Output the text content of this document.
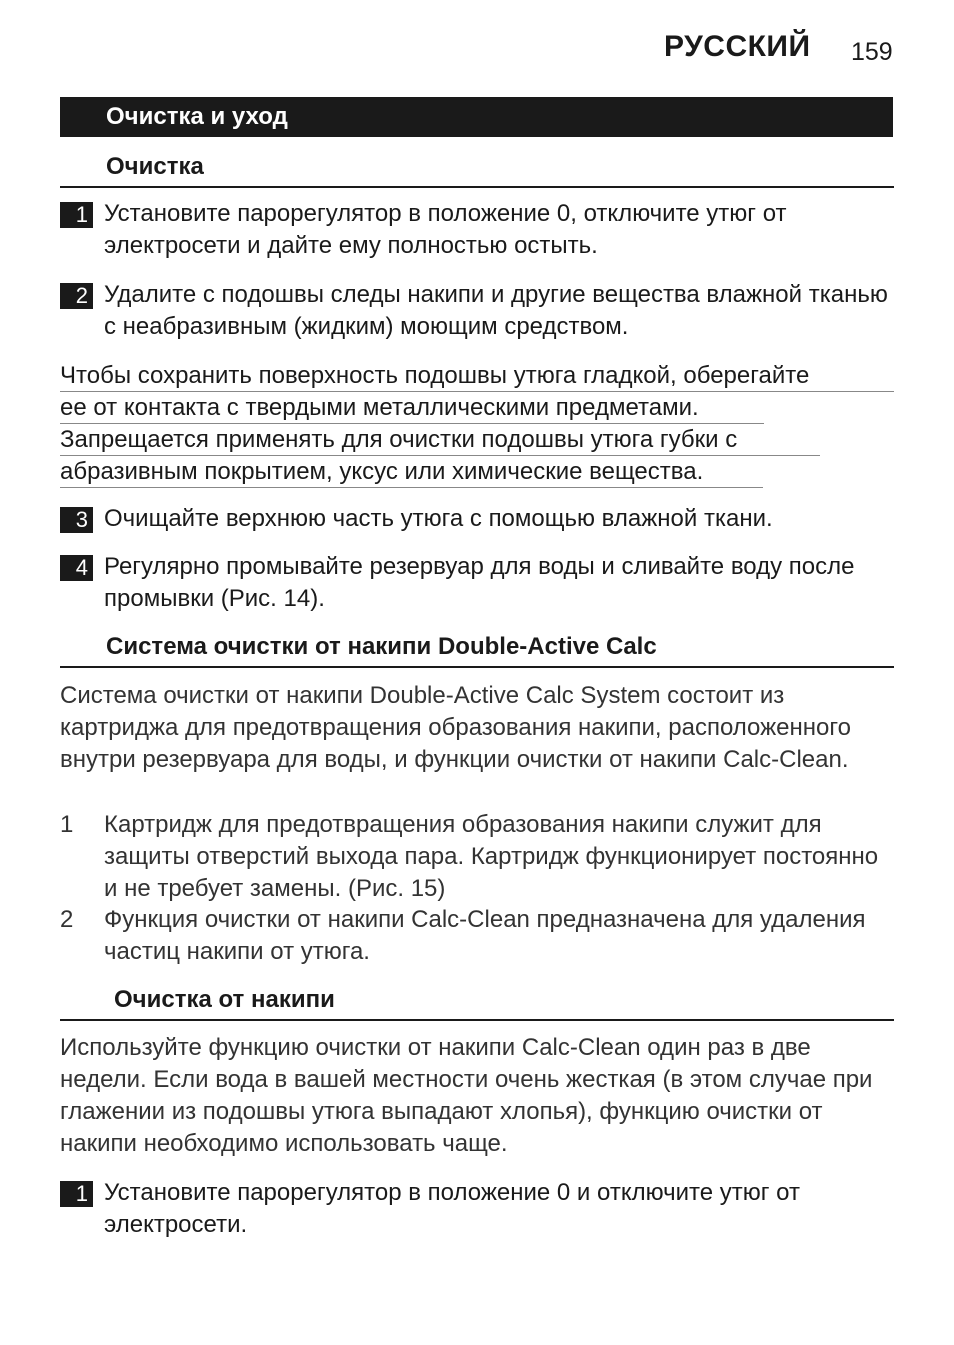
РУССКИЙ 159
Очистка и уход
Очистка
1 Установите парорегулятор в положение 0, отключите утюг от электросети и дайте ему полностью остыть.
2 Удалите с подошвы следы накипи и другие вещества влажной тканью с неабразивным (жидким) моющим средством.
Чтобы сохранить поверхность подошвы утюга гладкой, оберегайте
ее от контакта с твердыми металлическими предметами.
Запрещается применять для очистки подошвы утюга губки с
абразивным покрытием, уксус или химические вещества.
3 Очищайте верхнюю часть утюга с помощью влажной ткани.
4 Регулярно промывайте резервуар для воды и сливайте воду после промывки (Рис. 14).
Система очистки от накипи Double-Active Calc
Система очистки от накипи Double-Active Calc System состоит из картриджа для предотвращения образования накипи, расположенного внутри резервуара для воды, и функции очистки от накипи Calc-Clean.
1 Картридж для предотвращения образования накипи служит для защиты отверстий выхода пара. Картридж функционирует постоянно и не требует замены. (Рис. 15)
2 Функция очистки от накипи Calc-Clean предназначена для удаления частиц накипи от утюга.
Очистка от накипи
Используйте функцию очистки от накипи Calc-Clean один раз в две недели. Если вода в вашей местности очень жесткая (в этом случае при глажении из подошвы утюга выпадают хлопья), функцию очистки от накипи необходимо использовать чаще.
1 Установите парорегулятор в положение 0 и отключите утюг от электросети.
